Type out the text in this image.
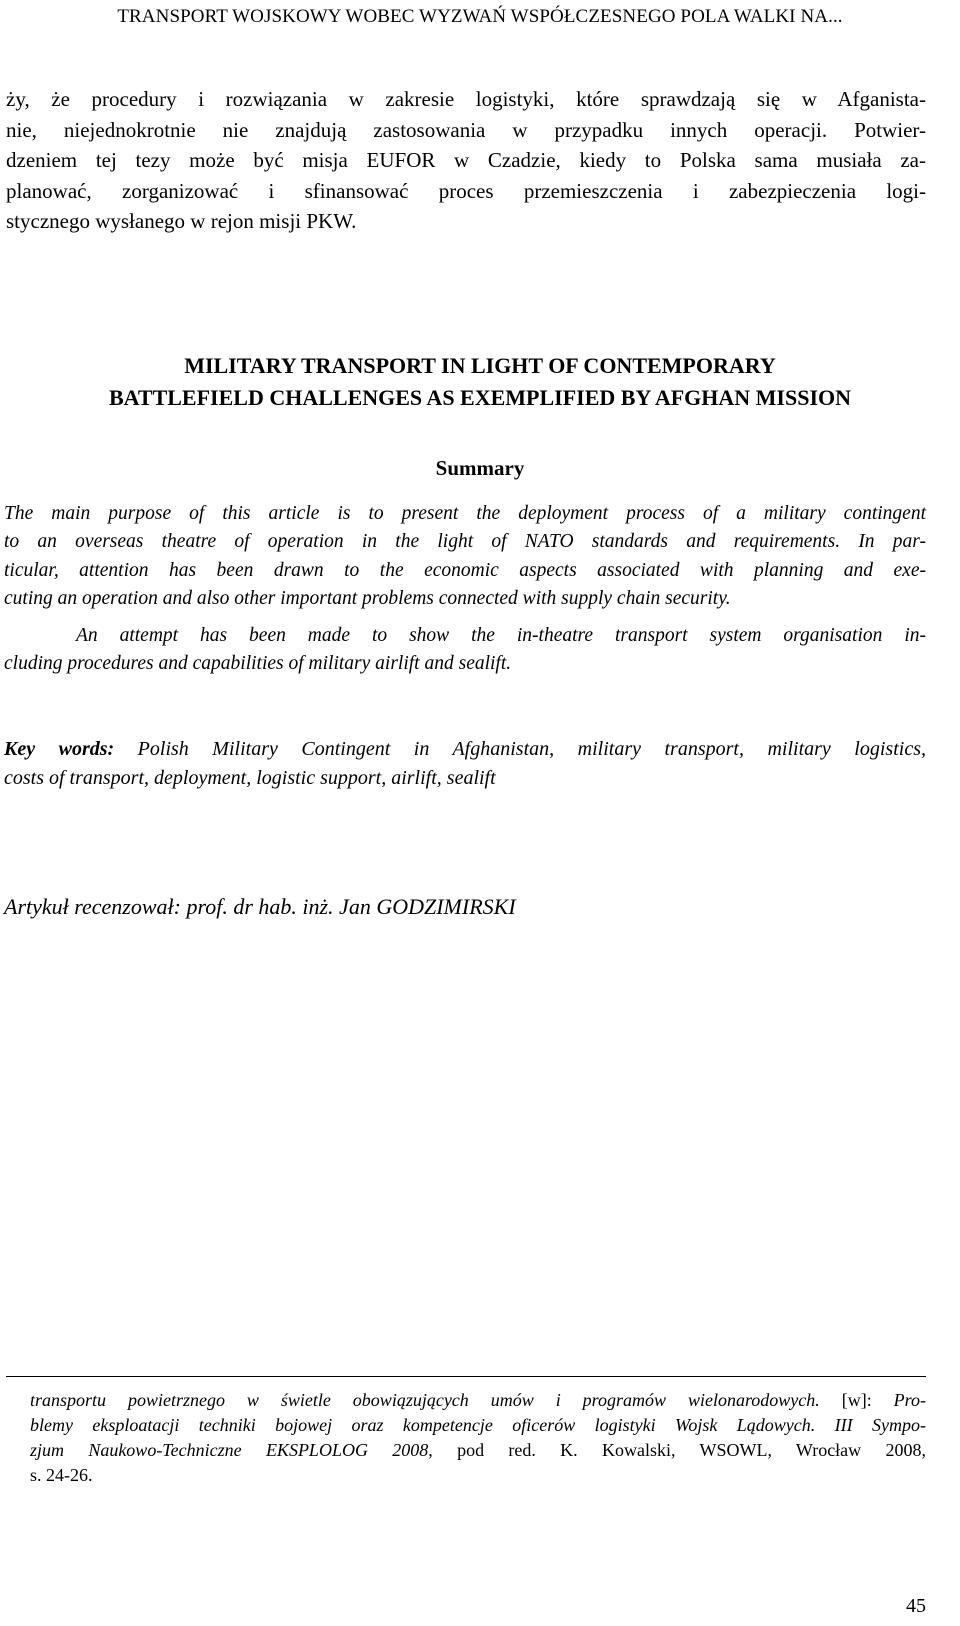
TRANSPORT WOJSKOWY WOBEC WYZWAŃ WSPÓŁCZESNEGO POLA WALKI NA...
ży, że procedury i rozwiązania w zakresie logistyki, które sprawdzają się w Afganista-
nie, niejednokrotnie nie znajdują zastosowania w przypadku innych operacji. Potwier-
dzeniem tej tezy może być misja EUFOR w Czadzie, kiedy to Polska sama musiała za-
planować, zorganizować i sfinansować proces przemieszczenia i zabezpieczenia logi-
stycznego wysłanego w rejon misji PKW.
MILITARY TRANSPORT IN LIGHT OF CONTEMPORARY
BATTLEFIELD CHALLENGES AS EXEMPLIFIED BY AFGHAN MISSION
Summary
The main purpose of this article is to present the deployment process of a military contingent
to an overseas theatre of operation in the light of NATO standards and requirements. In par-
ticular, attention has been drawn to the economic aspects associated with planning and exe-
cuting an operation and also other important problems connected with supply chain security.
An attempt has been made to show the in-theatre transport system organisation in-
cluding procedures and capabilities of military airlift and sealift.
Key words: Polish Military Contingent in Afghanistan, military transport, military logistics,
costs of transport, deployment, logistic support, airlift, sealift
Artykuł recenzował: prof. dr hab. inż. Jan GODZIMIRSKI
transportu powietrznego w świetle obowiązujących umów i programów wielonarodowych. [w]: Pro-
blemy eksploatacji techniki bojowej oraz kompetencje oficerów logistyki Wojsk Lądowych. III Sympo-
zjum Naukowo-Techniczne EKSPLOLOG 2008, pod red. K. Kowalski, WSOWL, Wrocław 2008,
s. 24-26.
45
